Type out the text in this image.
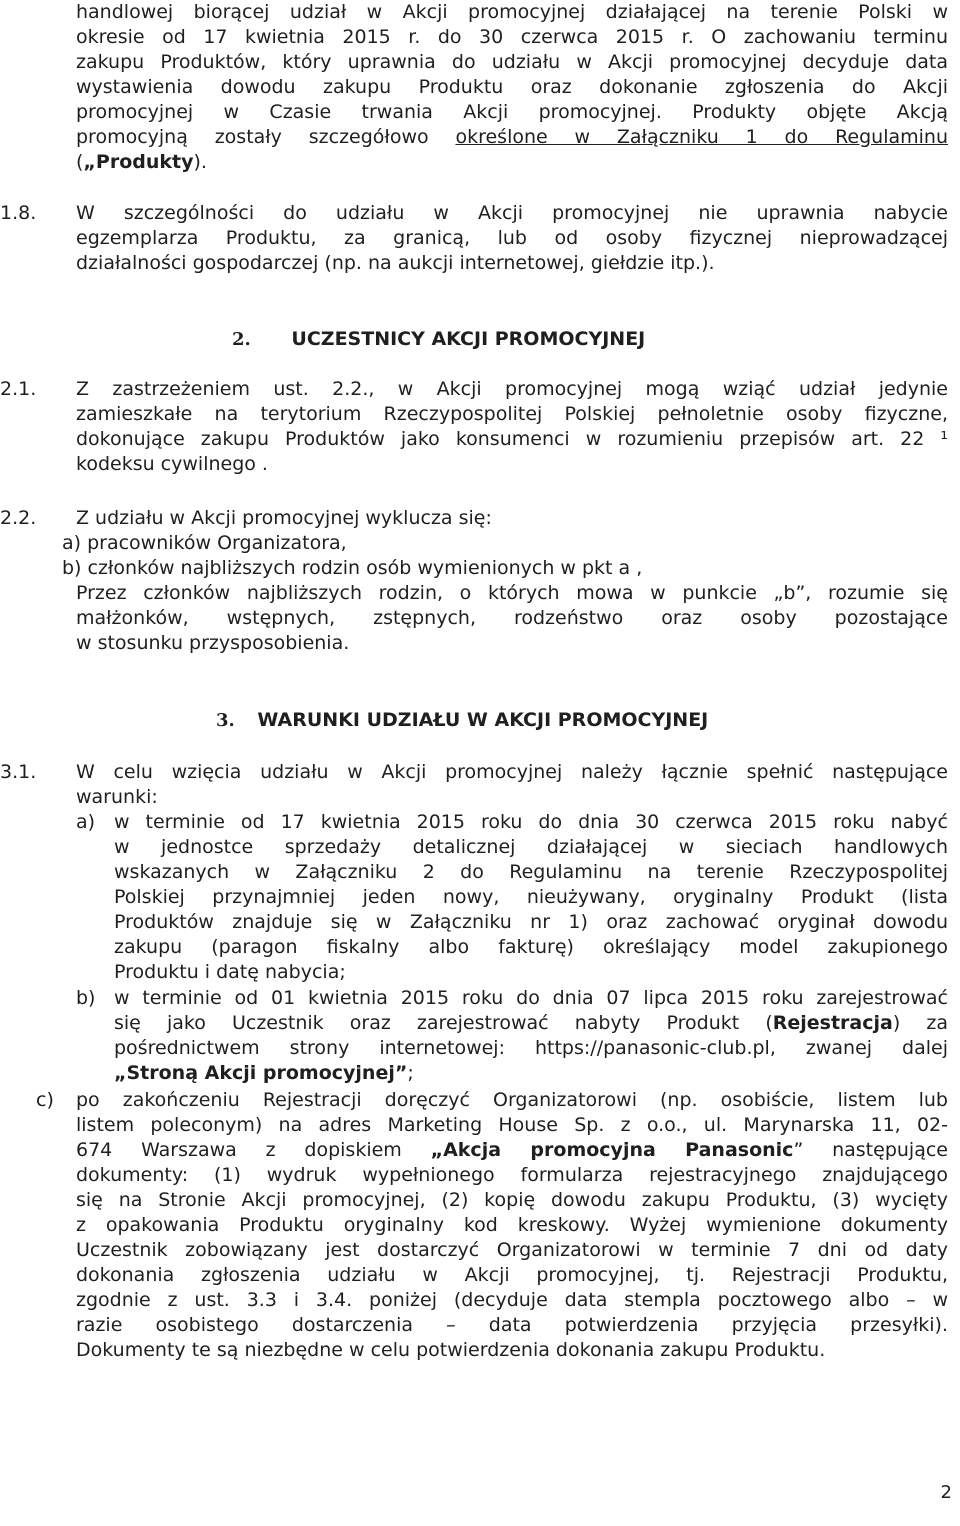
handlowej biorącej udział w Akcji promocyjnej działającej na terenie Polski w
okresie od 17 kwietnia 2015 r. do 30 czerwca 2015 r. O zachowaniu terminu
zakupu Produktów, który uprawnia do udziału w Akcji promocyjnej decyduje data
wystawienia dowodu zakupu Produktu oraz dokonanie zgłoszenia do Akcji
promocyjnej w Czasie trwania Akcji promocyjnej. Produkty objęte Akcją
promocyjną zostały szczegółowo określone w Załączniku 1 do Regulaminu
(„Produkty).
1.8. W szczególności do udziału w Akcji promocyjnej nie uprawnia nabycie
egzemplarza Produktu, za granicą, lub od osoby fizycznej nieprowadzącej
działalności gospodarczej (np. na aukcji internetowej, giełdzie itp.).
2. UCZESTNICY AKCJI PROMOCYJNEJ
2.1. Z zastrzeżeniem ust. 2.2., w Akcji promocyjnej mogą wziąć udział jedynie
zamieszkałe na terytorium Rzeczypospolitej Polskiej pełnoletnie osoby fizyczne,
dokonujące zakupu Produktów jako konsumenci w rozumieniu przepisów art. 22 ¹
kodeksu cywilnego .
2.2. Z udziału w Akcji promocyjnej wyklucza się:
a) pracowników Organizatora,
b) członków najbliższych rodzin osób wymienionych w pkt a ,
Przez członków najbliższych rodzin, o których mowa w punkcie „b”, rozumie się
małżonków, wstępnych, zstępnych, rodzeństwo oraz osoby pozostające
w stosunku przysposobienia.
3. WARUNKI UDZIAŁU W AKCJI PROMOCYJNEJ
3.1. W celu wzięcia udziału w Akcji promocyjnej należy łącznie spełnić następujące
warunki:
a) w terminie od 17 kwietnia 2015 roku do dnia 30 czerwca 2015 roku nabyć
w jednostce sprzedaży detalicznej działającej w sieciach handlowych
wskazanych w Załączniku 2 do Regulaminu na terenie Rzeczypospolitej
Polskiej przynajmniej jeden nowy, nieużywany, oryginalny Produkt (lista
Produktów znajduje się w Załączniku nr 1) oraz zachować oryginał dowodu
zakupu (paragon fiskalny albo fakturę) określający model zakupionego
Produktu i datę nabycia;
b) w terminie od 01 kwietnia 2015 roku do dnia 07 lipca 2015 roku zarejestrować
się jako Uczestnik oraz zarejestrować nabyty Produkt (Rejestracja) za
pośrednictwem strony internetowej: https://panasonic-club.pl, zwanej dalej
„Stroną Akcji promocyjnej”;
c) po zakończeniu Rejestracji doręczyć Organizatorowi (np. osobiście, listem lub
listem poleconym) na adres Marketing House Sp. z o.o., ul. Marynarska 11, 02-
674 Warszawa z dopiskiem „Akcja promocyjna Panasonic” następujące
dokumenty: (1) wydruk wypełnionego formularza rejestracyjnego znajdującego
się na Stronie Akcji promocyjnej, (2) kopię dowodu zakupu Produktu, (3) wycięty
z opakowania Produktu oryginalny kod kreskowy. Wyżej wymienione dokumenty
Uczestnik zobowiązany jest dostarczyć Organizatorowi w terminie 7 dni od daty
dokonania zgłoszenia udziału w Akcji promocyjnej, tj. Rejestracji Produktu,
zgodnie z ust. 3.3 i 3.4. poniżej (decyduje data stempla pocztowego albo – w
razie osobistego dostarczenia – data potwierdzenia przyjęcia przesyłki).
Dokumenty te są niezbędne w celu potwierdzenia dokonania zakupu Produktu.
2
